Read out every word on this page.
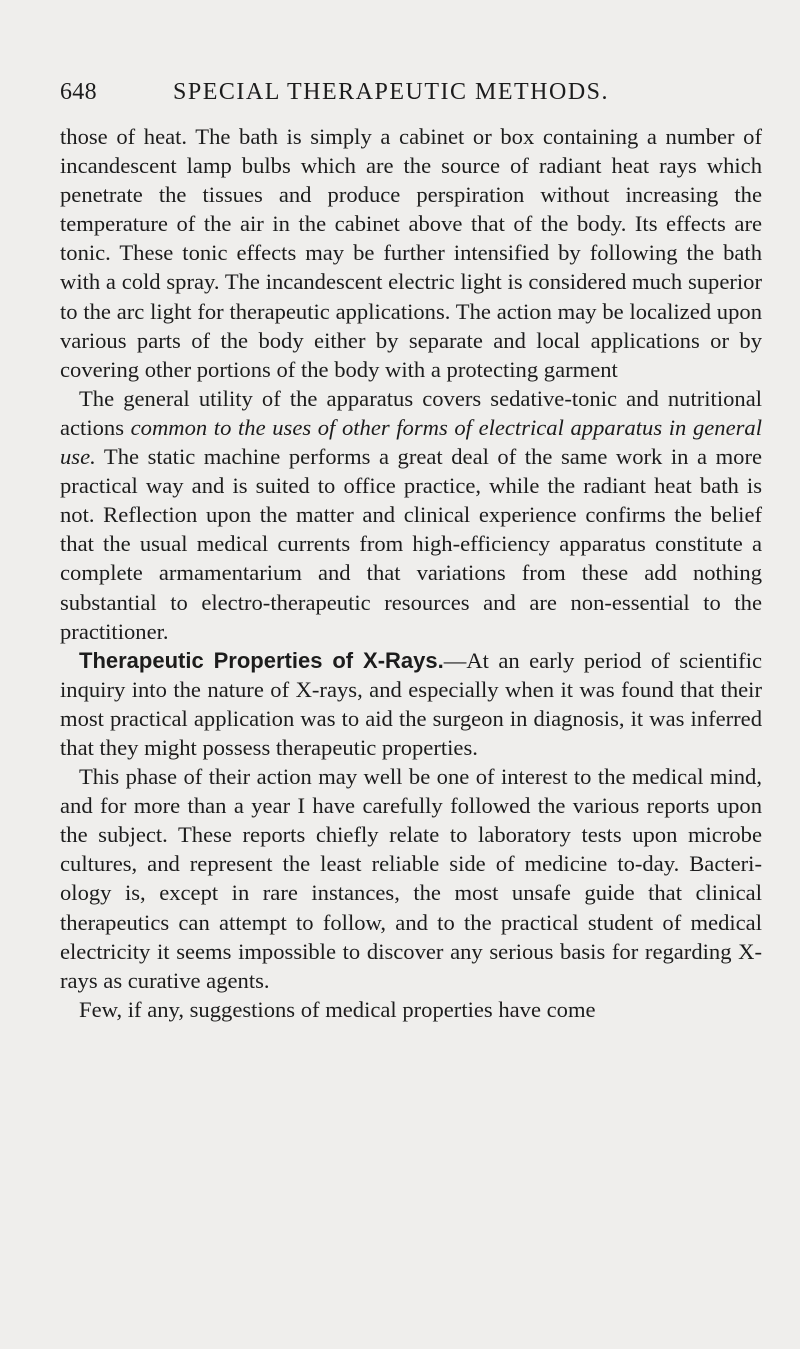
648	SPECIAL THERAPEUTIC METHODS.

those of heat. The bath is simply a cabinet or box containing a number of incandescent lamp bulbs which are the source of radiant heat rays which penetrate the tissues and produce perspiration without increasing the temperature of the air in the cabinet above that of the body. Its effects are tonic. These tonic effects may be further intensified by following the bath with a cold spray. The incandescent electric light is considered much superior to the arc light for therapeutic applications. The action may be localized upon various parts of the body either by separate and local applications or by covering other portions of the body with a protecting garment

The general utility of the apparatus covers sedative-tonic and nutritional actions common to the uses of other forms of electrical apparatus in general use. The static machine performs a great deal of the same work in a more practical way and is suited to office practice, while the radiant heat bath is not. Reflection upon the matter and clinical experience confirms the belief that the usual medical currents from high-efficiency apparatus constitute a complete armamentarium and that variations from these add nothing substantial to electro-therapeutic resources and are non-essential to the practitioner.

Therapeutic Properties of X-Rays.—At an early period of scientific inquiry into the nature of X-rays, and especially when it was found that their most practical application was to aid the surgeon in diagnosis, it was inferred that they might possess therapeutic properties.

This phase of their action may well be one of interest to the medical mind, and for more than a year I have carefully followed the various reports upon the subject. These reports chiefly relate to laboratory tests upon microbe cultures, and represent the least reliable side of medicine to-day. Bacteriology is, except in rare instances, the most unsafe guide that clinical therapeutics can attempt to follow, and to the practical student of medical electricity it seems impossible to discover any serious basis for regarding X-rays as curative agents.

Few, if any, suggestions of medical properties have come
